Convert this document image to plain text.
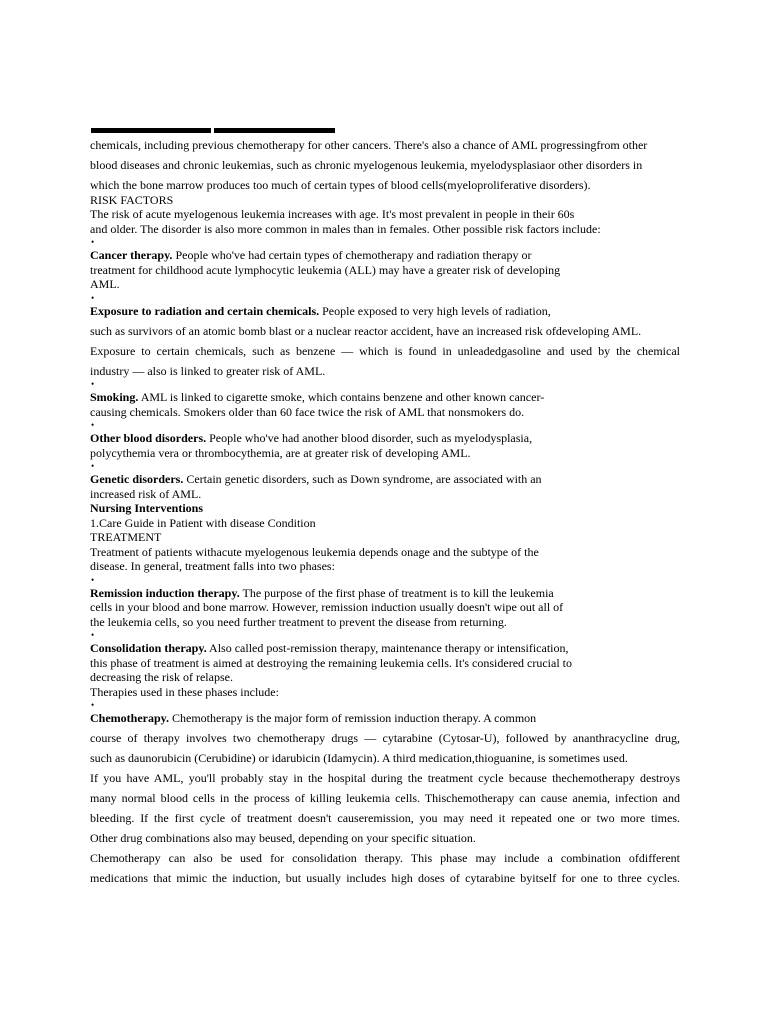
chemicals, including previous chemotherapy for other cancers. There's also a chance of AML progressingfrom other
blood diseases and chronic leukemias, such as chronic myelogenous leukemia, myelodysplasiaor other disorders in
which the bone marrow produces too much of certain types of blood cells(myeloproliferative disorders).
RISK FACTORS
The risk of acute myelogenous leukemia increases with age. It's most prevalent in people in their 60s
and older. The disorder is also more common in males than in females. Other possible risk factors include:
•
Cancer therapy. People who've had certain types of chemotherapy and radiation therapy or
treatment for childhood acute lymphocytic leukemia (ALL) may have a greater risk of developing
AML.
•
Exposure to radiation and certain chemicals. People exposed to very high levels of radiation,
such as survivors of an atomic bomb blast or a nuclear reactor accident, have an increased risk ofdeveloping AML.
Exposure to certain chemicals, such as benzene — which is found in unleadedgasoline and used by the chemical
industry — also is linked to greater risk of AML.
•
Smoking. AML is linked to cigarette smoke, which contains benzene and other known cancer-
causing chemicals. Smokers older than 60 face twice the risk of AML that nonsmokers do.
•
Other blood disorders. People who've had another blood disorder, such as myelodysplasia,
polycythemia vera or thrombocythemia, are at greater risk of developing AML.
•
Genetic disorders. Certain genetic disorders, such as Down syndrome, are associated with an
increased risk of AML.
Nursing Interventions
1.Care Guide in Patient with disease Condition
TREATMENT
Treatment of patients withacute myelogenous leukemia depends onage and the subtype of the
disease. In general, treatment falls into two phases:
•
Remission induction therapy. The purpose of the first phase of treatment is to kill the leukemia
cells in your blood and bone marrow. However, remission induction usually doesn't wipe out all of
the leukemia cells, so you need further treatment to prevent the disease from returning.
•
Consolidation therapy. Also called post-remission therapy, maintenance therapy or intensification,
this phase of treatment is aimed at destroying the remaining leukemia cells. It's considered crucial to
decreasing the risk of relapse.
Therapies used in these phases include:
•
Chemotherapy. Chemotherapy is the major form of remission induction therapy. A common
course of therapy involves two chemotherapy drugs — cytarabine (Cytosar-U), followed by ananthracycline drug,
such as daunorubicin (Cerubidine) or idarubicin (Idamycin). A third medication,thioguanine, is sometimes used.
If you have AML, you'll probably stay in the hospital during the treatment cycle because thechemotherapy destroys
many normal blood cells in the process of killing leukemia cells. Thischemotherapy can cause anemia, infection and
bleeding. If the first cycle of treatment doesn't causeremission, you may need it repeated one or two more times.
Other drug combinations also may beused, depending on your specific situation.
Chemotherapy can also be used for consolidation therapy. This phase may include a combination ofdifferent
medications that mimic the induction, but usually includes high doses of cytarabine byitself for one to three cycles.
